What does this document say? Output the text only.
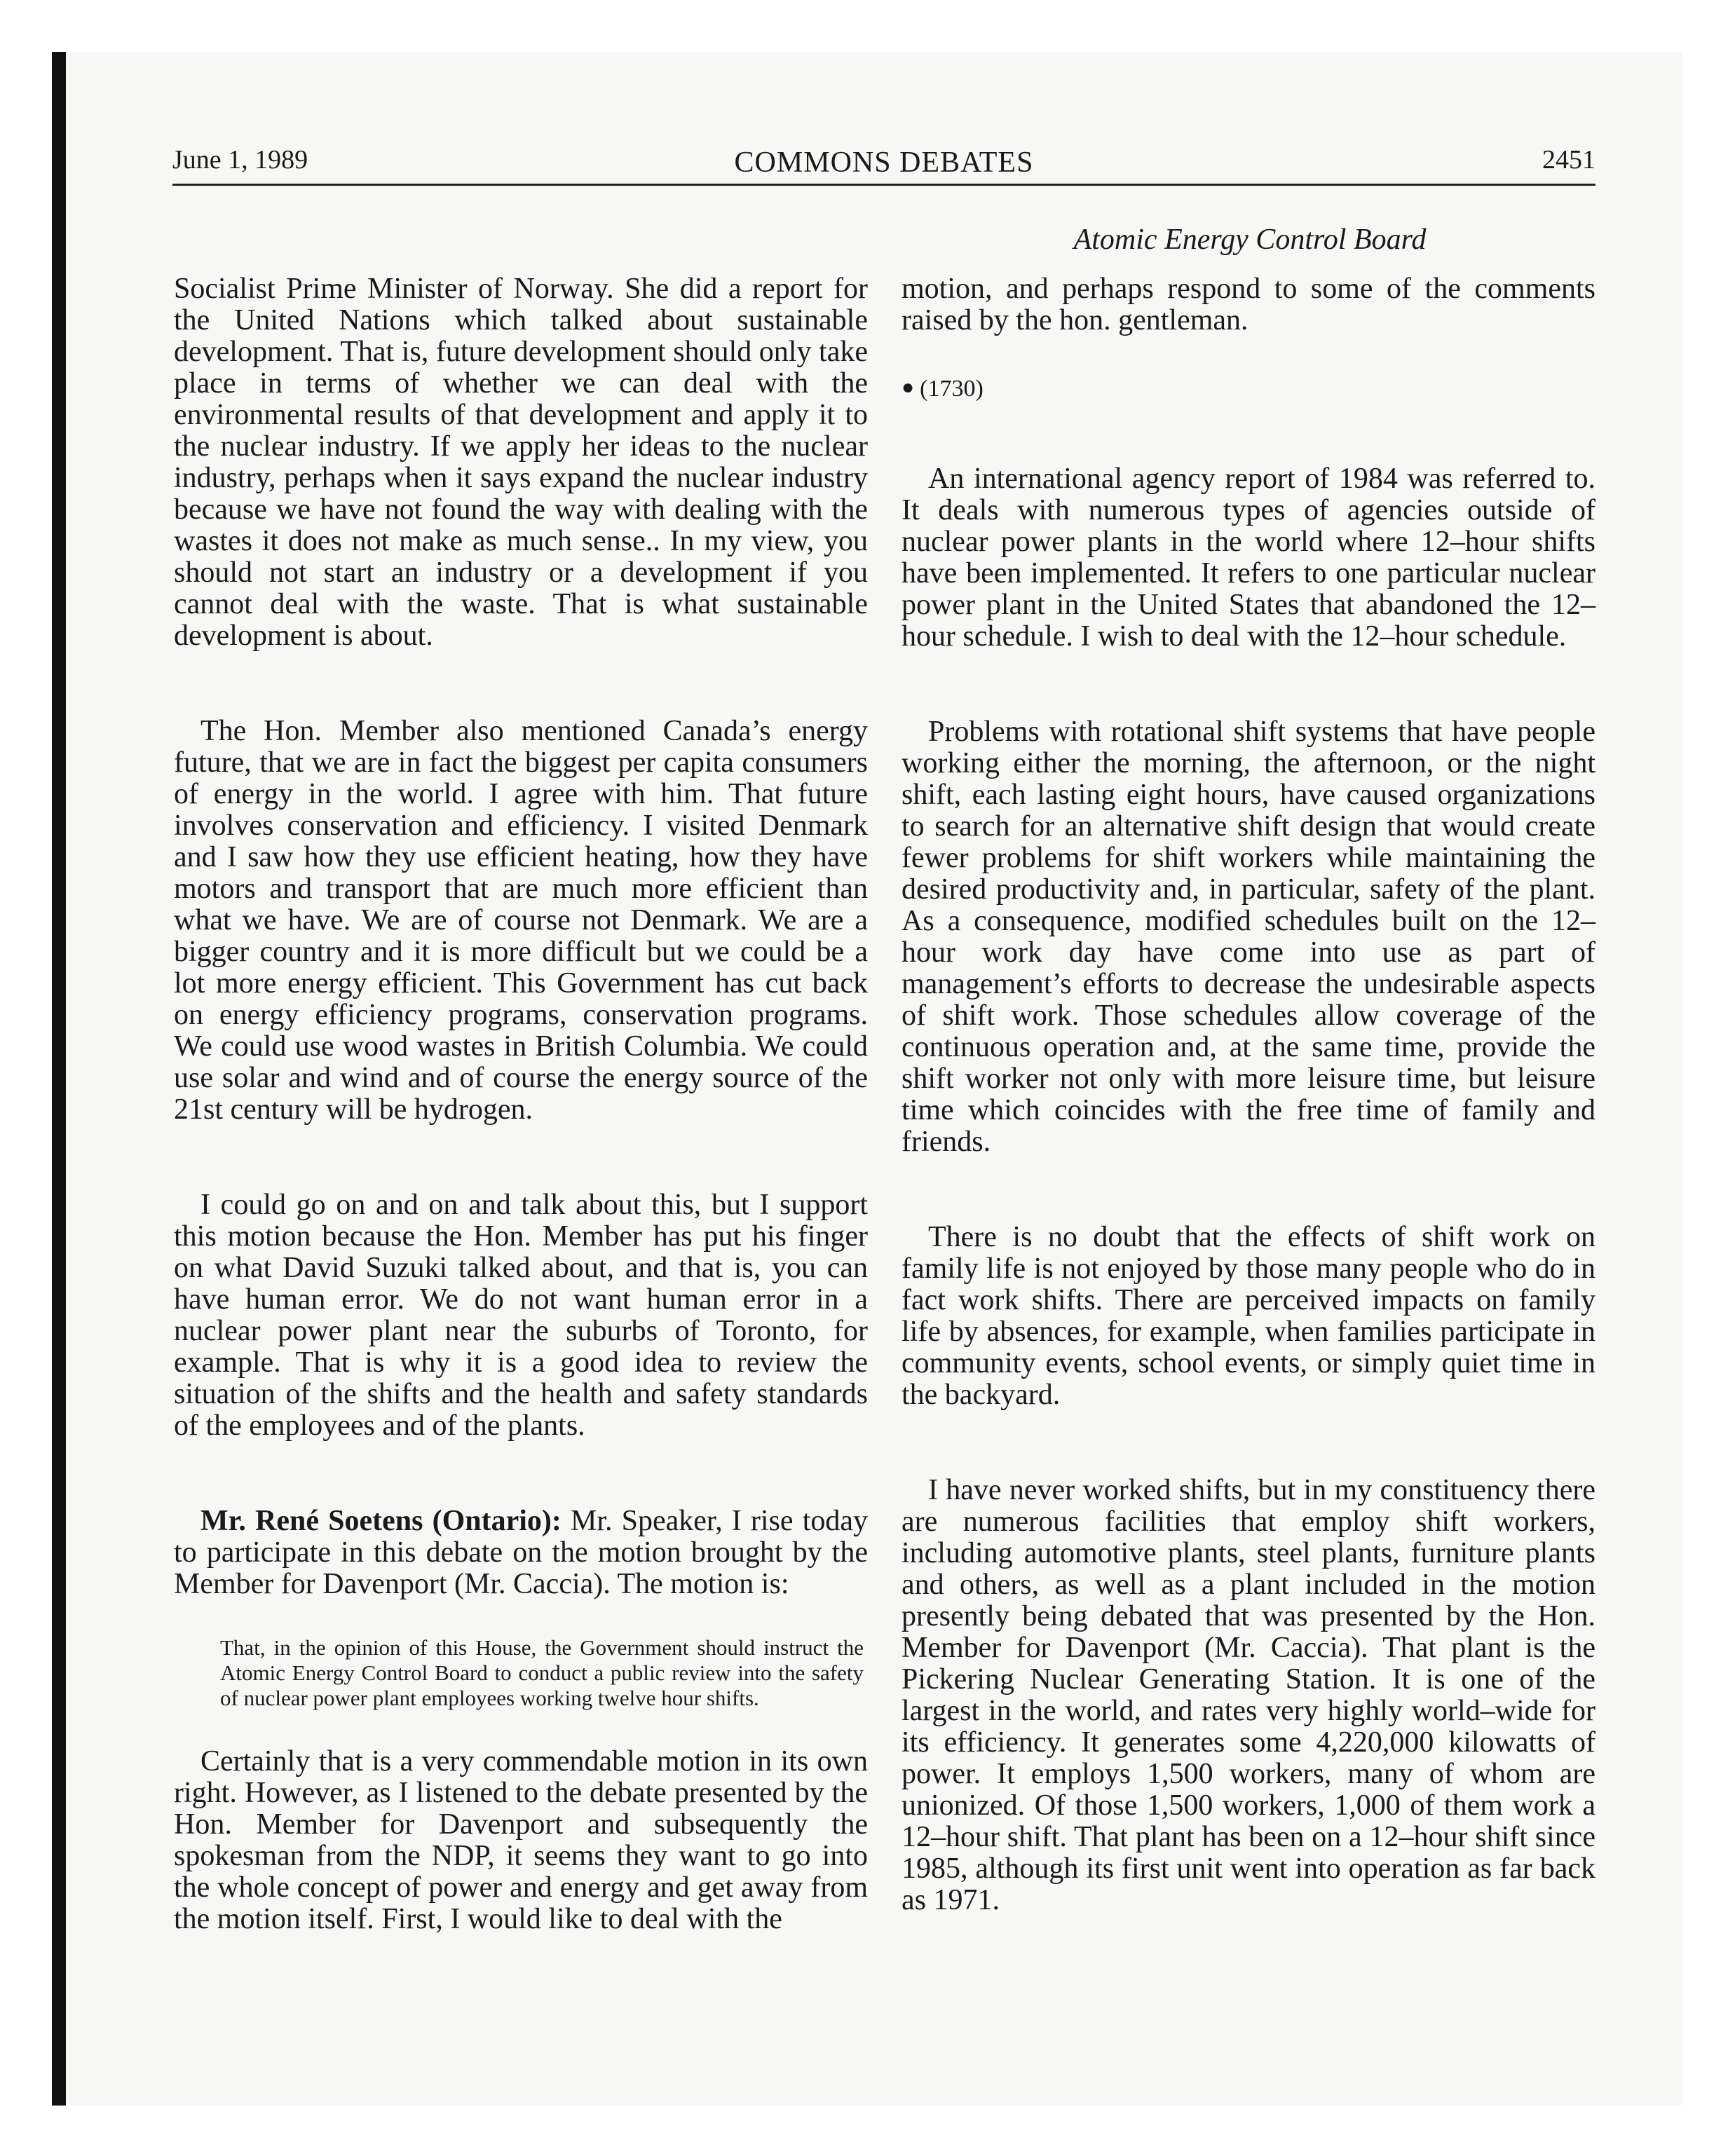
June 1, 1989	COMMONS DEBATES	2451
Atomic Energy Control Board

Socialist Prime Minister of Norway. She did a report for the United Nations which talked about sustainable development. That is, future development should only take place in terms of whether we can deal with the environmental results of that development and apply it to the nuclear industry. If we apply her ideas to the nuclear industry, perhaps when it says expand the nuclear industry because we have not found the way with dealing with the wastes it does not make as much sense.. In my view, you should not start an industry or a development if you cannot deal with the waste. That is what sustainable development is about.

The Hon. Member also mentioned Canada’s energy future, that we are in fact the biggest per capita consumers of energy in the world. I agree with him. That future involves conservation and efficiency. I visited Denmark and I saw how they use efficient heating, how they have motors and transport that are much more efficient than what we have. We are of course not Denmark. We are a bigger country and it is more difficult but we could be a lot more energy efficient. This Government has cut back on energy efficiency programs, conservation programs. We could use wood wastes in British Columbia. We could use solar and wind and of course the energy source of the 21st century will be hydrogen.

I could go on and on and talk about this, but I support this motion because the Hon. Member has put his finger on what David Suzuki talked about, and that is, you can have human error. We do not want human error in a nuclear power plant near the suburbs of Toronto, for example. That is why it is a good idea to review the situation of the shifts and the health and safety standards of the employees and of the plants.

Mr. René Soetens (Ontario): Mr. Speaker, I rise today to participate in this debate on the motion brought by the Member for Davenport (Mr. Caccia). The motion is:

That, in the opinion of this House, the Government should instruct the Atomic Energy Control Board to conduct a public review into the safety of nuclear power plant employees working twelve hour shifts.

Certainly that is a very commendable motion in its own right. However, as I listened to the debate presented by the Hon. Member for Davenport and subsequently the spokesman from the NDP, it seems they want to go into the whole concept of power and energy and get away from the motion itself. First, I would like to deal with the

motion, and perhaps respond to some of the comments raised by the hon. gentleman.

● (1730)

An international agency report of 1984 was referred to. It deals with numerous types of agencies outside of nuclear power plants in the world where 12–hour shifts have been implemented. It refers to one particular nuclear power plant in the United States that abandoned the 12–hour schedule. I wish to deal with the 12–hour schedule.

Problems with rotational shift systems that have people working either the morning, the afternoon, or the night shift, each lasting eight hours, have caused organizations to search for an alternative shift design that would create fewer problems for shift workers while maintaining the desired productivity and, in particular, safety of the plant. As a consequence, modified schedules built on the 12–hour work day have come into use as part of management’s efforts to decrease the undesirable aspects of shift work. Those schedules allow coverage of the continuous operation and, at the same time, provide the shift worker not only with more leisure time, but leisure time which coincides with the free time of family and friends.

There is no doubt that the effects of shift work on family life is not enjoyed by those many people who do in fact work shifts. There are perceived impacts on family life by absences, for example, when families participate in community events, school events, or simply quiet time in the backyard.

I have never worked shifts, but in my constituency there are numerous facilities that employ shift workers, including automotive plants, steel plants, furniture plants and others, as well as a plant included in the motion presently being debated that was presented by the Hon. Member for Davenport (Mr. Caccia). That plant is the Pickering Nuclear Generating Station. It is one of the largest in the world, and rates very highly world–wide for its efficiency. It generates some 4,220,000 kilowatts of power. It employs 1,500 workers, many of whom are unionized. Of those 1,500 workers, 1,000 of them work a 12–hour shift. That plant has been on a 12–hour shift since 1985, although its first unit went into operation as far back as 1971.
